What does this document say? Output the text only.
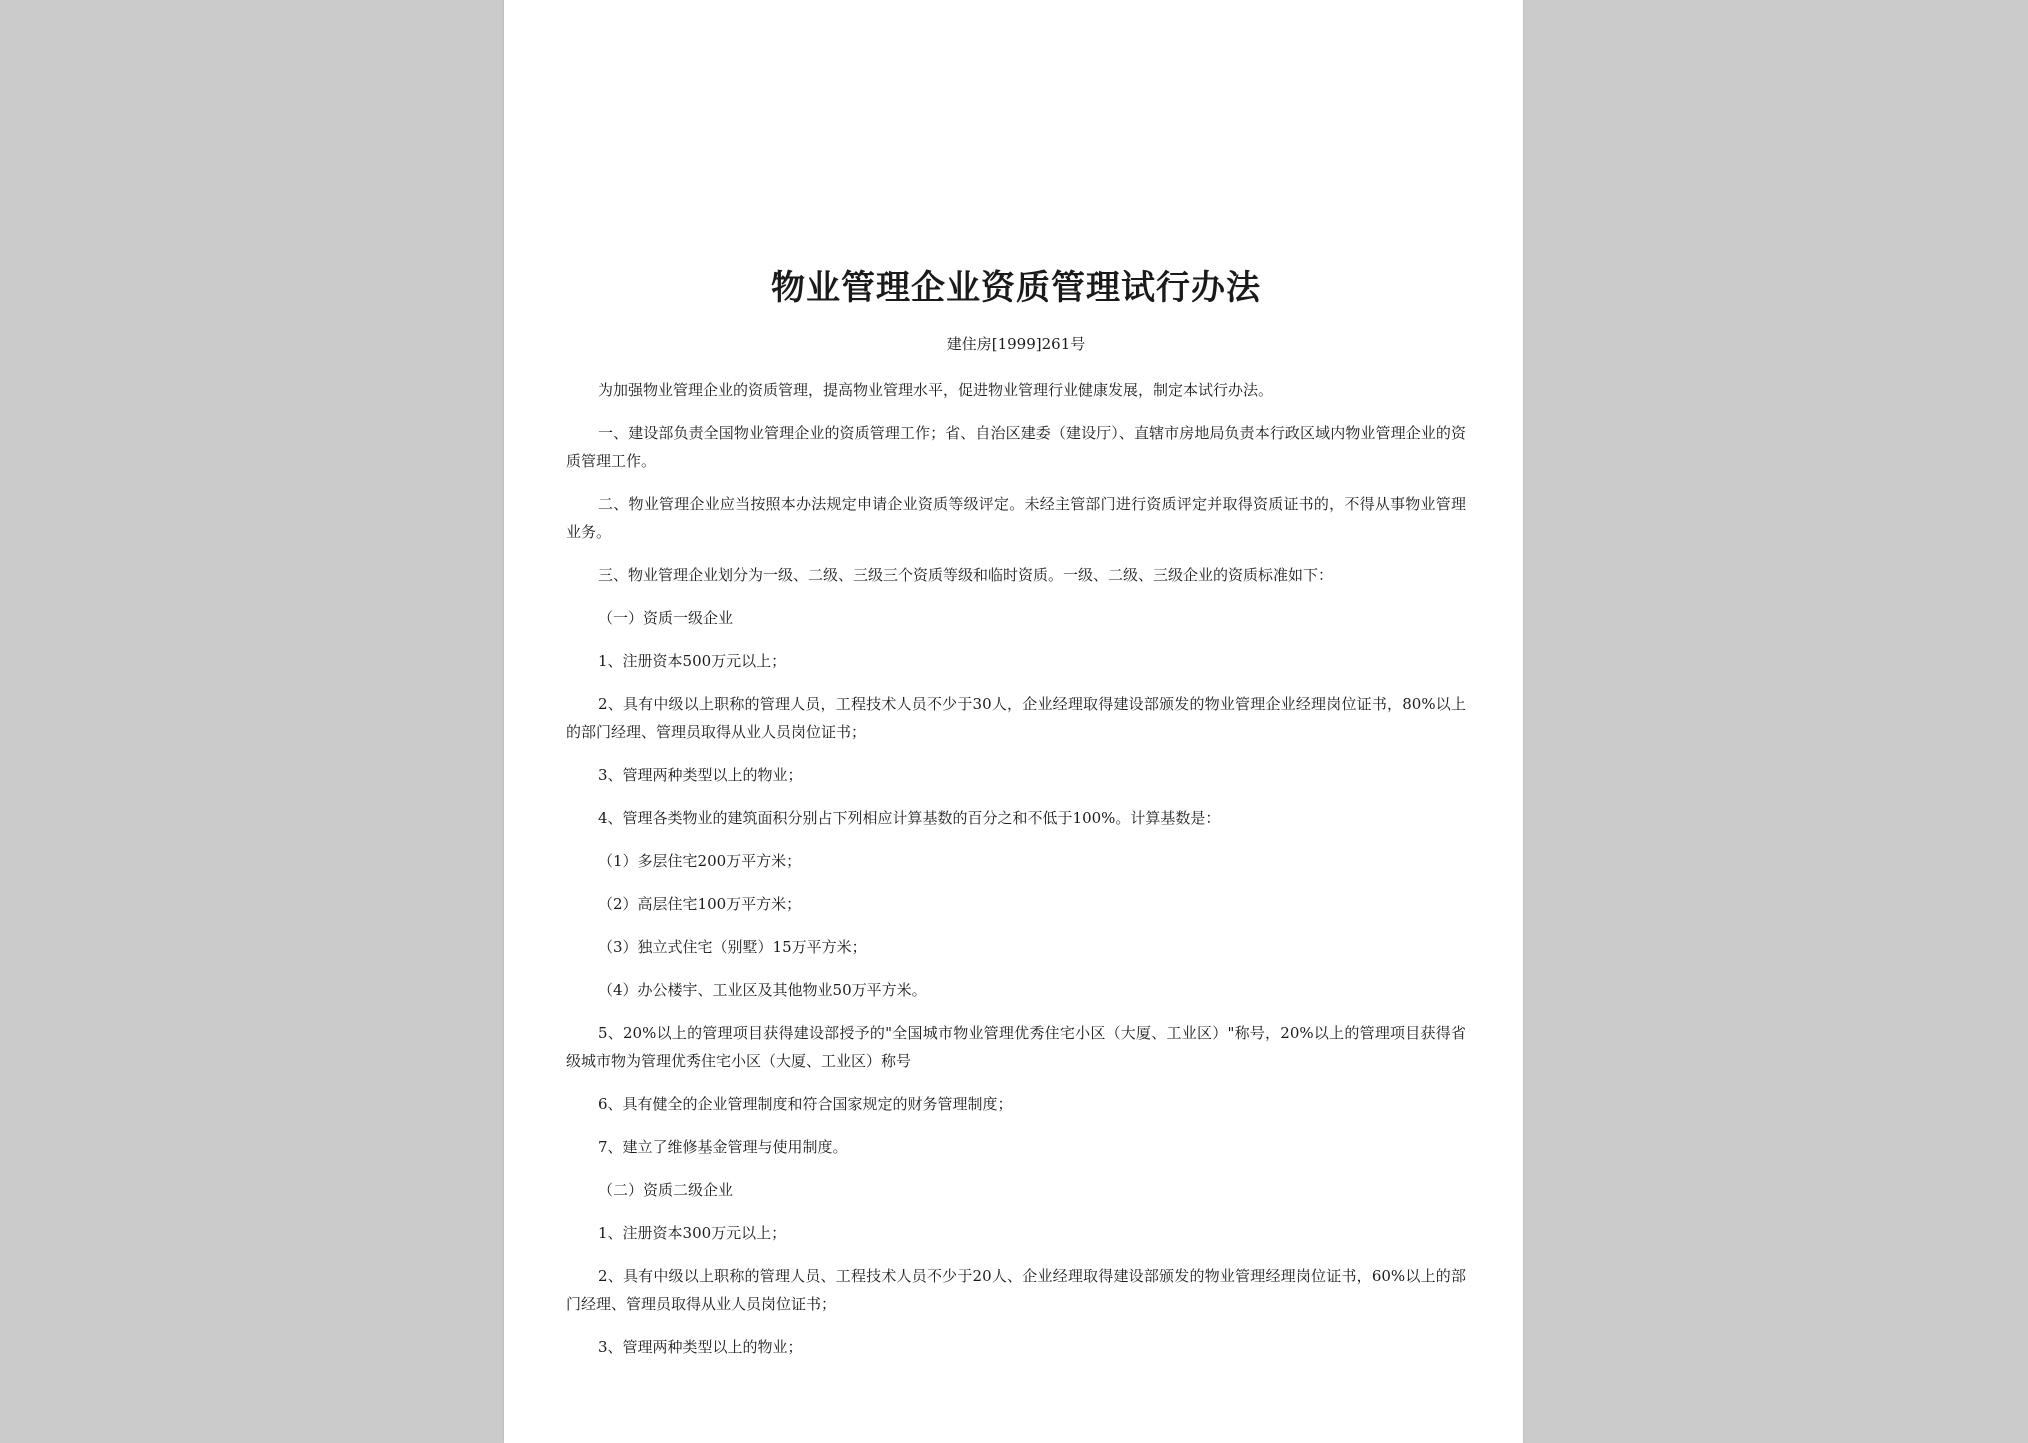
物业管理企业资质管理试行办法
建住房[1999]261号

为加强物业管理企业的资质管理，提高物业管理水平，促进物业管理行业健康发展，制定本试行办法。

一、建设部负责全国物业管理企业的资质管理工作；省、自治区建委（建设厅）、直辖市房地局负责本行政区域内物业管理企业的资质管理工作。

二、物业管理企业应当按照本办法规定申请企业资质等级评定。未经主管部门进行资质评定并取得资质证书的，不得从事物业管理业务。

三、物业管理企业划分为一级、二级、三级三个资质等级和临时资质。一级、二级、三级企业的资质标准如下：

（一）资质一级企业

1、注册资本500万元以上；

2、具有中级以上职称的管理人员，工程技术人员不少于30人，企业经理取得建设部颁发的物业管理企业经理岗位证书，80%以上的部门经理、管理员取得从业人员岗位证书；

3、管理两种类型以上的物业；

4、管理各类物业的建筑面积分别占下列相应计算基数的百分之和不低于100%。计算基数是：

（1）多层住宅200万平方米；

（2）高层住宅100万平方米；

（3）独立式住宅（别墅）15万平方米；

（4）办公楼宇、工业区及其他物业50万平方米。

5、20%以上的管理项目获得建设部授予的"全国城市物业管理优秀住宅小区（大厦、工业区）"称号，20%以上的管理项目获得省级城市物为管理优秀住宅小区（大厦、工业区）称号

6、具有健全的企业管理制度和符合国家规定的财务管理制度；

7、建立了维修基金管理与使用制度。

（二）资质二级企业

1、注册资本300万元以上；

2、具有中级以上职称的管理人员、工程技术人员不少于20人、企业经理取得建设部颁发的物业管理经理岗位证书，60%以上的部门经理、管理员取得从业人员岗位证书；

3、管理两种类型以上的物业；
